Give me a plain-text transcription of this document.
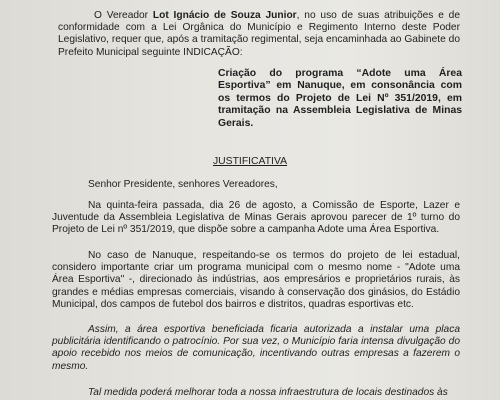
O Vereador Lot Ignácio de Souza Junior, no uso de suas atribuições e de conformidade com a Lei Orgânica do Município e Regimento Interno deste Poder Legislativo, requer que, após a tramitação regimental, seja encaminhada ao Gabinete do Prefeito Municipal seguinte INDICAÇÃO:
Criação do programa “Adote uma Área Esportiva” em Nanuque, em consonância com os termos do Projeto de Lei Nº 351/2019, em tramitação na Assembleia Legislativa de Minas Gerais.
JUSTIFICATIVA
Senhor Presidente, senhores Vereadores,
Na quinta-feira passada, dia 26 de agosto, a Comissão de Esporte, Lazer e Juventude da Assembleia Legislativa de Minas Gerais aprovou parecer de 1º turno do Projeto de Lei nº 351/2019, que dispõe sobre a campanha Adote uma Área Esportiva.
No caso de Nanuque, respeitando-se os termos do projeto de lei estadual, considero importante criar um programa municipal com o mesmo nome - "Adote uma Área Esportiva" -, direcionado às indústrias, aos empresários e proprietários rurais, às grandes e médias empresas comerciais, visando à conservação dos ginásios, do Estádio Municipal, dos campos de futebol dos bairros e distritos, quadras esportivas etc.
Assim, a área esportiva beneficiada ficaria autorizada a instalar uma placa publicitária identificando o patrocínio. Por sua vez, o Município faria intensa divulgação do apoio recebido nos meios de comunicação, incentivando outras empresas a fazerem o mesmo.
Tal medida poderá melhorar toda a nossa infraestrutura de locais destinados às
